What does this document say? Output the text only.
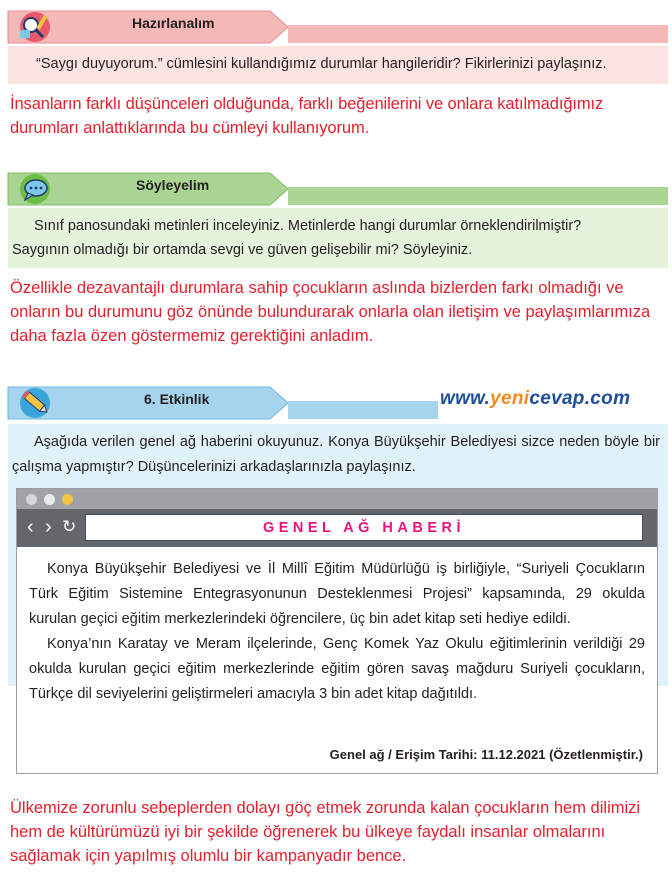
Hazırlanalım
“Saygı duyuyorum.” cümlesini kullandığımız durumlar hangileridir? Fikirlerinizi paylaşınız.
İnsanların farklı düşünceleri olduğunda, farklı beğenilerini ve onlara katılmadığımız durumları anlattıklarında bu cümleyi kullanıyorum.
Söyleyelim
Sınıf panosundaki metinleri inceleyiniz. Metinlerde hangi durumlar örneklendirilmiştir?
Saygının olmadığı bir ortamda sevgi ve güven gelişebilir mi? Söyleyiniz.
Özellikle dezavantajlı durumlara sahip çocukların aslında bizlerden farkı olmadığı ve onların bu durumunu göz önünde bulundurarak onlarla olan iletişim ve paylaşımlarımıza daha fazla özen göstermemiz gerektiğini anladım.
6. Etkinlik	www.yenicevap.com
Aşağıda verilen genel ağ haberini okuyunuz. Konya Büyükşehir Belediyesi sizce neden böyle bir çalışma yapmıştır? Düşüncelerinizi arkadaşlarınızla paylaşınız.
‹ › ↻	GENEL AĞ HABERİ

Konya Büyükşehir Belediyesi ve İl Millî Eğitim Müdürlüğü iş birliğiyle, “Suriyeli Çocukların Türk Eğitim Sistemine Entegrasyonunun Desteklenmesi Projesi” kapsamında, 29 okulda kurulan geçici eğitim merkezlerindeki öğrencilere, üç bin adet kitap seti hediye edildi.

Konya’nın Karatay ve Meram ilçelerinde, Genç Komek Yaz Okulu eğitimlerinin verildiği 29 okulda kurulan geçici eğitim merkezlerinde eğitim gören savaş mağduru Suriyeli çocukların, Türkçe dil seviyelerini geliştirmeleri amacıyla 3 bin adet kitap dağıtıldı.

Genel ağ / Erişim Tarihi: 11.12.2021 (Özetlenmiştir.)
Ülkemize zorunlu sebeplerden dolayı göç etmek zorunda kalan çocukların hem dilimizi hem de kültürümüzü iyi bir şekilde öğrenerek bu ülkeye faydalı insanlar olmalarını sağlamak için yapılmış olumlu bir kampanyadır bence.
